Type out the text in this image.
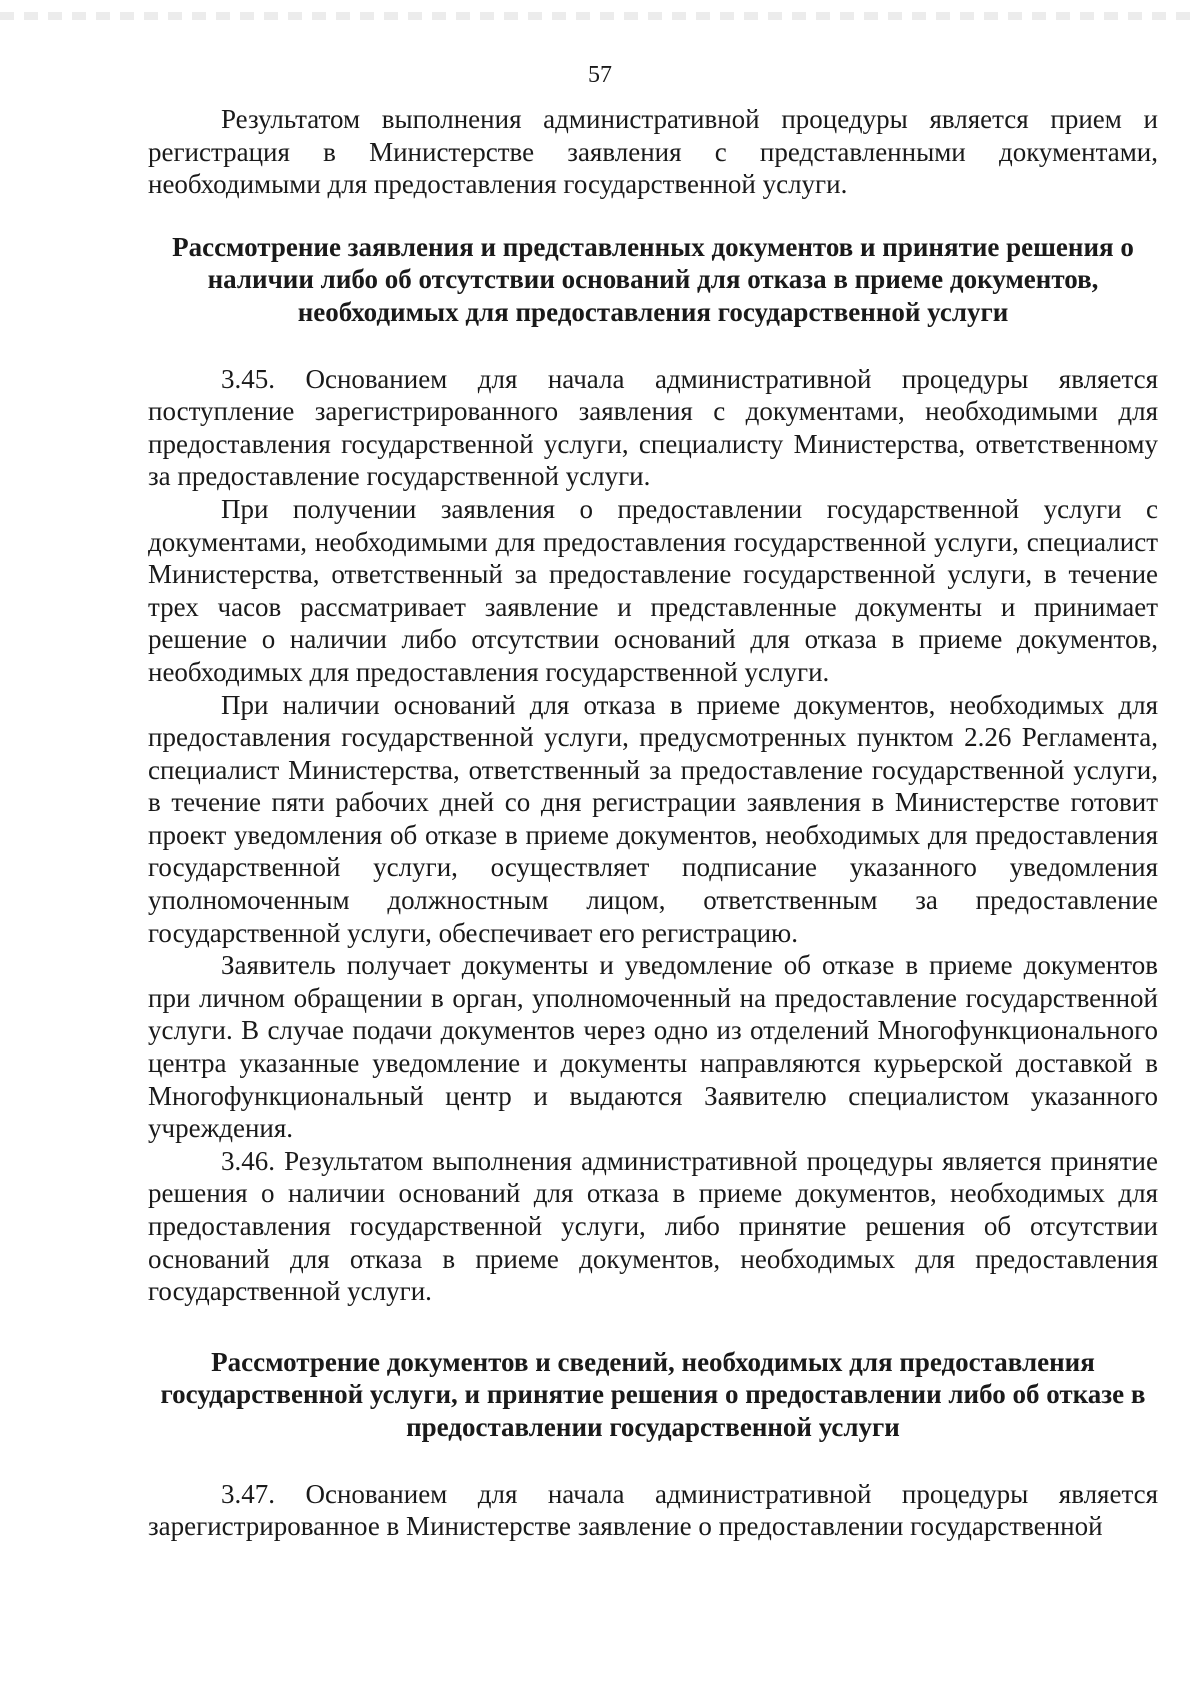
57

Результатом выполнения административной процедуры является прием и регистрация в Министерстве заявления с представленными документами, необходимыми для предоставления государственной услуги.

Рассмотрение заявления и представленных документов и принятие решения о наличии либо об отсутствии оснований для отказа в приеме документов, необходимых для предоставления государственной услуги

3.45. Основанием для начала административной процедуры является поступление зарегистрированного заявления с документами, необходимыми для предоставления государственной услуги, специалисту Министерства, ответственному за предоставление государственной услуги.

При получении заявления о предоставлении государственной услуги с документами, необходимыми для предоставления государственной услуги, специалист Министерства, ответственный за предоставление государственной услуги, в течение трех часов рассматривает заявление и представленные документы и принимает решение о наличии либо отсутствии оснований для отказа в приеме документов, необходимых для предоставления государственной услуги.

При наличии оснований для отказа в приеме документов, необходимых для предоставления государственной услуги, предусмотренных пунктом 2.26 Регламента, специалист Министерства, ответственный за предоставление государственной услуги, в течение пяти рабочих дней со дня регистрации заявления в Министерстве готовит проект уведомления об отказе в приеме документов, необходимых для предоставления государственной услуги, осуществляет подписание указанного уведомления уполномоченным должностным лицом, ответственным за предоставление государственной услуги, обеспечивает его регистрацию.

Заявитель получает документы и уведомление об отказе в приеме документов при личном обращении в орган, уполномоченный на предоставление государственной услуги. В случае подачи документов через одно из отделений Многофункционального центра указанные уведомление и документы направляются курьерской доставкой в Многофункциональный центр и выдаются Заявителю специалистом указанного учреждения.

3.46. Результатом выполнения административной процедуры является принятие решения о наличии оснований для отказа в приеме документов, необходимых для предоставления государственной услуги, либо принятие решения об отсутствии оснований для отказа в приеме документов, необходимых для предоставления государственной услуги.

Рассмотрение документов и сведений, необходимых для предоставления государственной услуги, и принятие решения о предоставлении либо об отказе в предоставлении государственной услуги

3.47. Основанием для начала административной процедуры является зарегистрированное в Министерстве заявление о предоставлении государственной
